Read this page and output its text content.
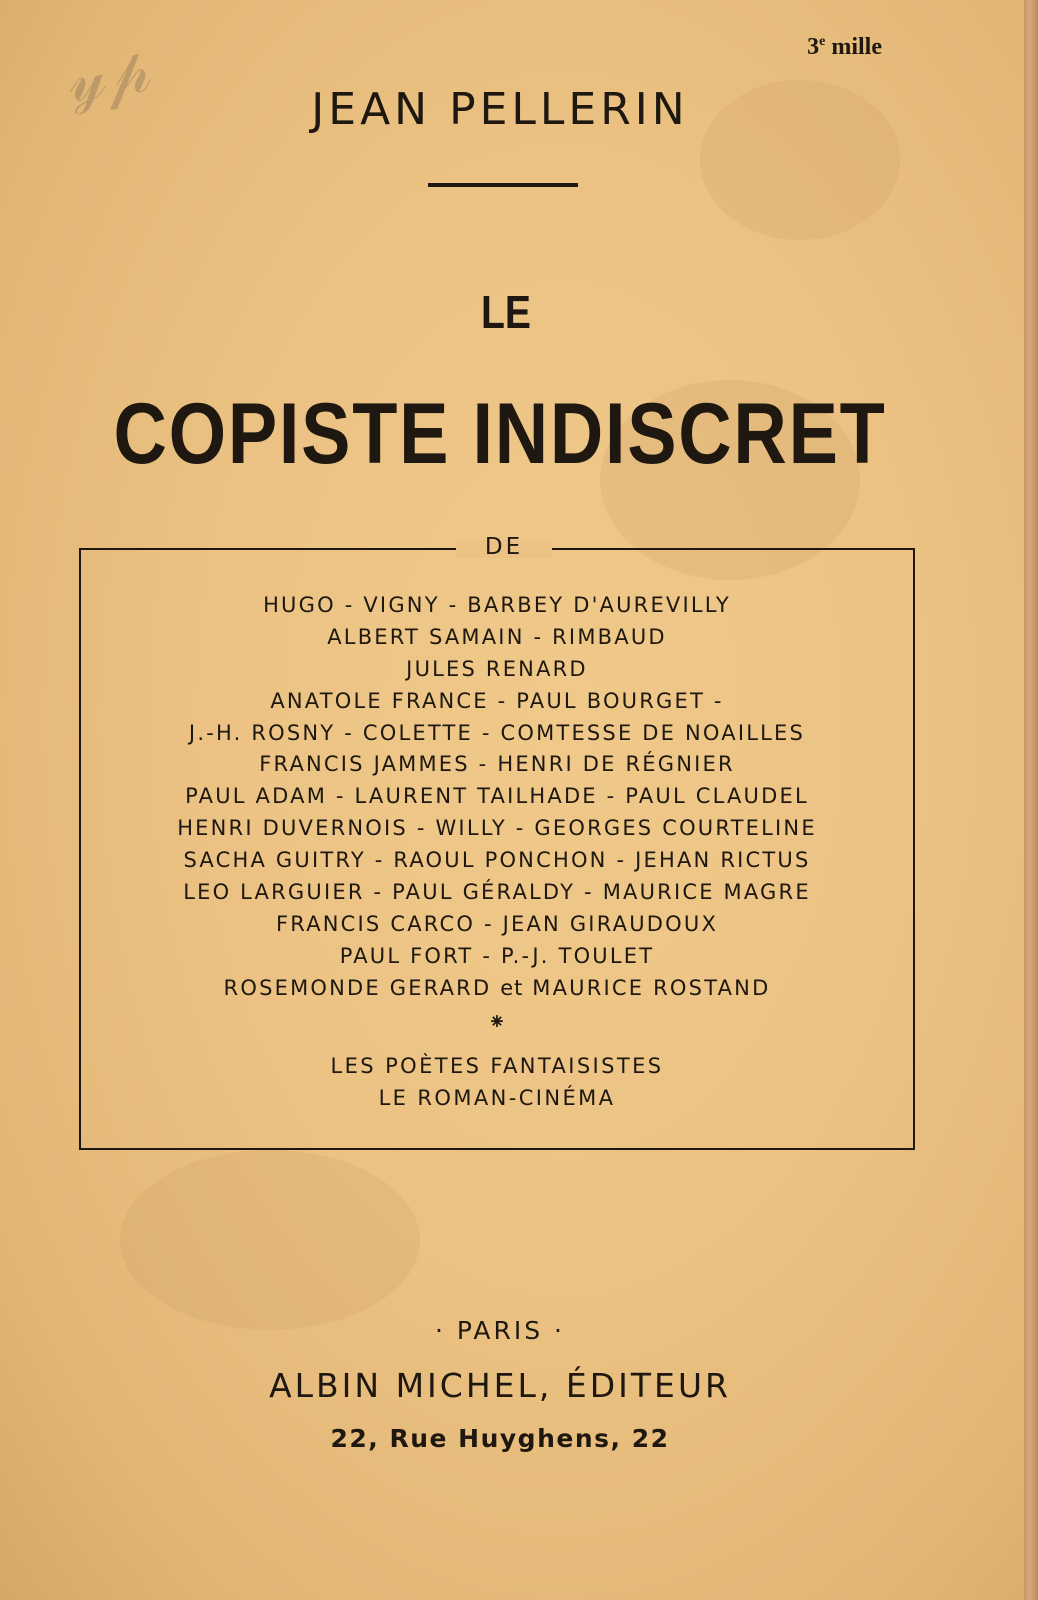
𝓎𝓅	3e mille
JEAN PELLERIN
LE
COPISTE INDISCRET
DE
HUGO - VIGNY - BARBEY D'AUREVILLY
ALBERT SAMAIN - RIMBAUD
JULES RENARD
ANATOLE FRANCE - PAUL BOURGET -
J.-H. ROSNY - COLETTE - COMTESSE DE NOAILLES
FRANCIS JAMMES - HENRI DE RÉGNIER
PAUL ADAM - LAURENT TAILHADE - PAUL CLAUDEL
HENRI DUVERNOIS - WILLY - GEORGES COURTELINE
SACHA GUITRY - RAOUL PONCHON - JEHAN RICTUS
LEO LARGUIER - PAUL GÉRALDY - MAURICE MAGRE
FRANCIS CARCO - JEAN GIRAUDOUX
PAUL FORT - P.-J. TOULET
ROSEMONDE GERARD et MAURICE ROSTAND
⁕
LES POÈTES FANTAISISTES
LE ROMAN-CINÉMA
· PARIS ·
ALBIN MICHEL, ÉDITEUR
22, Rue Huyghens, 22
